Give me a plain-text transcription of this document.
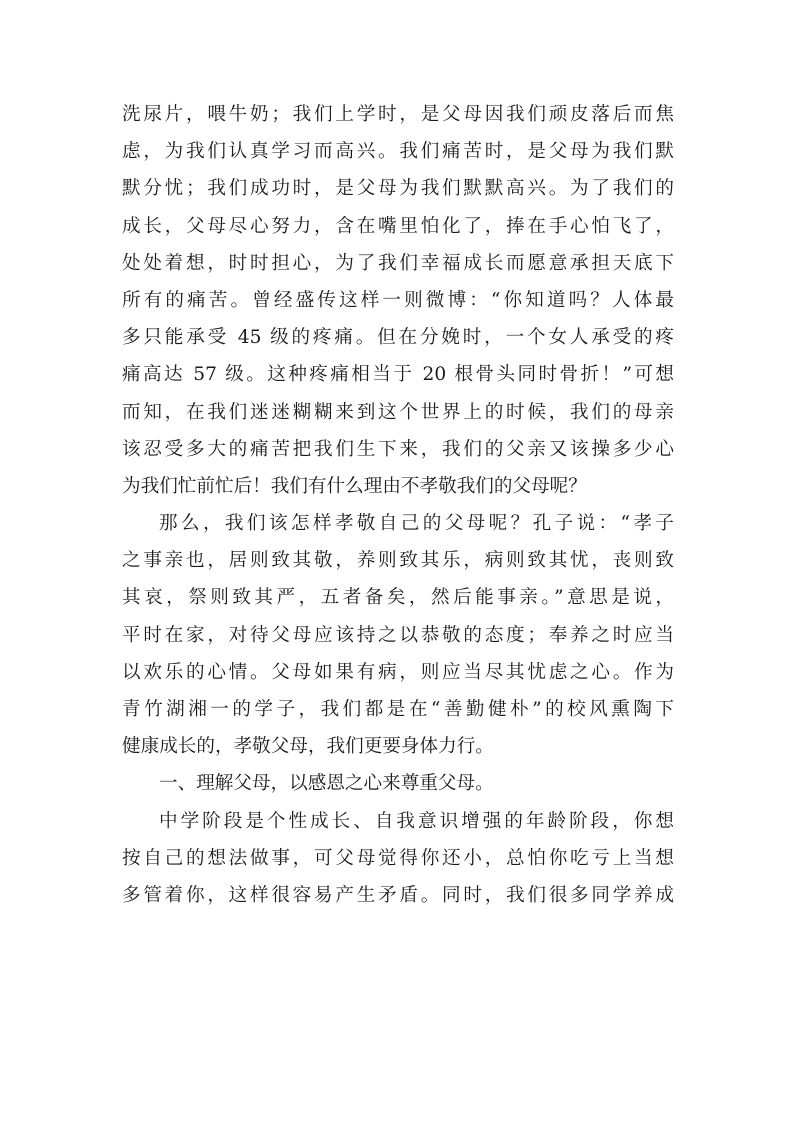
洗尿片，喂牛奶；我们上学时，是父母因我们顽皮落后而焦
虑，为我们认真学习而高兴。我们痛苦时，是父母为我们默
默分忧；我们成功时，是父母为我们默默高兴。为了我们的
成长，父母尽心努力，含在嘴里怕化了，捧在手心怕飞了，
处处着想，时时担心，为了我们幸福成长而愿意承担天底下
所有的痛苦。曾经盛传这样一则微博：“你知道吗？人体最
多只能承受 45 级的疼痛。但在分娩时，一个女人承受的疼
痛高达 57 级。这种疼痛相当于 20 根骨头同时骨折！”可想
而知，在我们迷迷糊糊来到这个世界上的时候，我们的母亲
该忍受多大的痛苦把我们生下来，我们的父亲又该操多少心
为我们忙前忙后！我们有什么理由不孝敬我们的父母呢？
那么，我们该怎样孝敬自己的父母呢？孔子说：“孝子
之事亲也，居则致其敬，养则致其乐，病则致其忧，丧则致
其哀，祭则致其严，五者备矣，然后能事亲。”意思是说，
平时在家，对待父母应该持之以恭敬的态度；奉养之时应当
以欢乐的心情。父母如果有病，则应当尽其忧虑之心。作为
青竹湖湘一的学子，我们都是在“善勤健朴”的校风熏陶下
健康成长的，孝敬父母，我们更要身体力行。
一、理解父母，以感恩之心来尊重父母。
中学阶段是个性成长、自我意识增强的年龄阶段，你想
按自己的想法做事，可父母觉得你还小，总怕你吃亏上当想
多管着你，这样很容易产生矛盾。同时，我们很多同学养成
